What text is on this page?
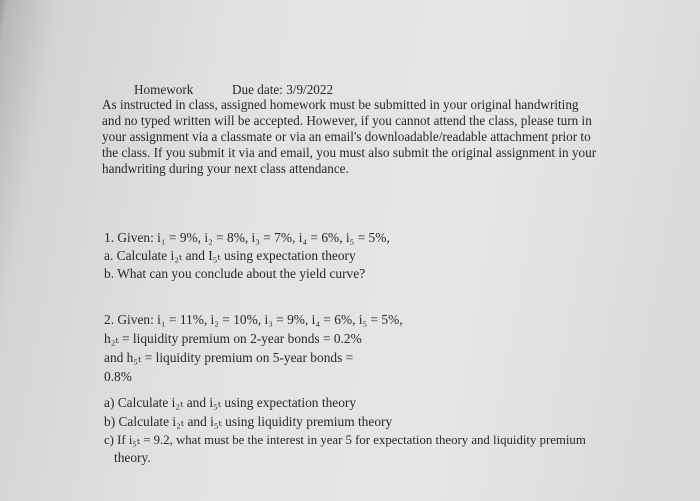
Homework	Due date: 3/9/2022
As instructed in class, assigned homework must be submitted in your original handwriting
and no typed written will be accepted. However, if you cannot attend the class, please turn in
your assignment via a classmate or via an email's downloadable/readable attachment prior to
the class. If you submit it via and email, you must also submit the original assignment in your
handwriting during your next class attendance.
1. Given: i₁ = 9%, i₂ = 8%, i₃ = 7%, i₄ = 6%, i₅ = 5%,
a. Calculate i₂ₜ and I₅ₜ using expectation theory
b. What can you conclude about the yield curve?
2. Given: i₁ = 11%, i₂ = 10%, i₃ = 9%, i₄ = 6%, i₅ = 5%,
h₂ₜ = liquidity premium on 2-year bonds = 0.2%
and h₅ₜ = liquidity premium on 5-year bonds =
0.8%
a) Calculate i₂ₜ and i₅ₜ using expectation theory
b) Calculate i₂ₜ and i₅ₜ using liquidity premium theory
c) If i₅ₜ = 9.2, what must be the interest in year 5 for expectation theory and liquidity premium
theory.
